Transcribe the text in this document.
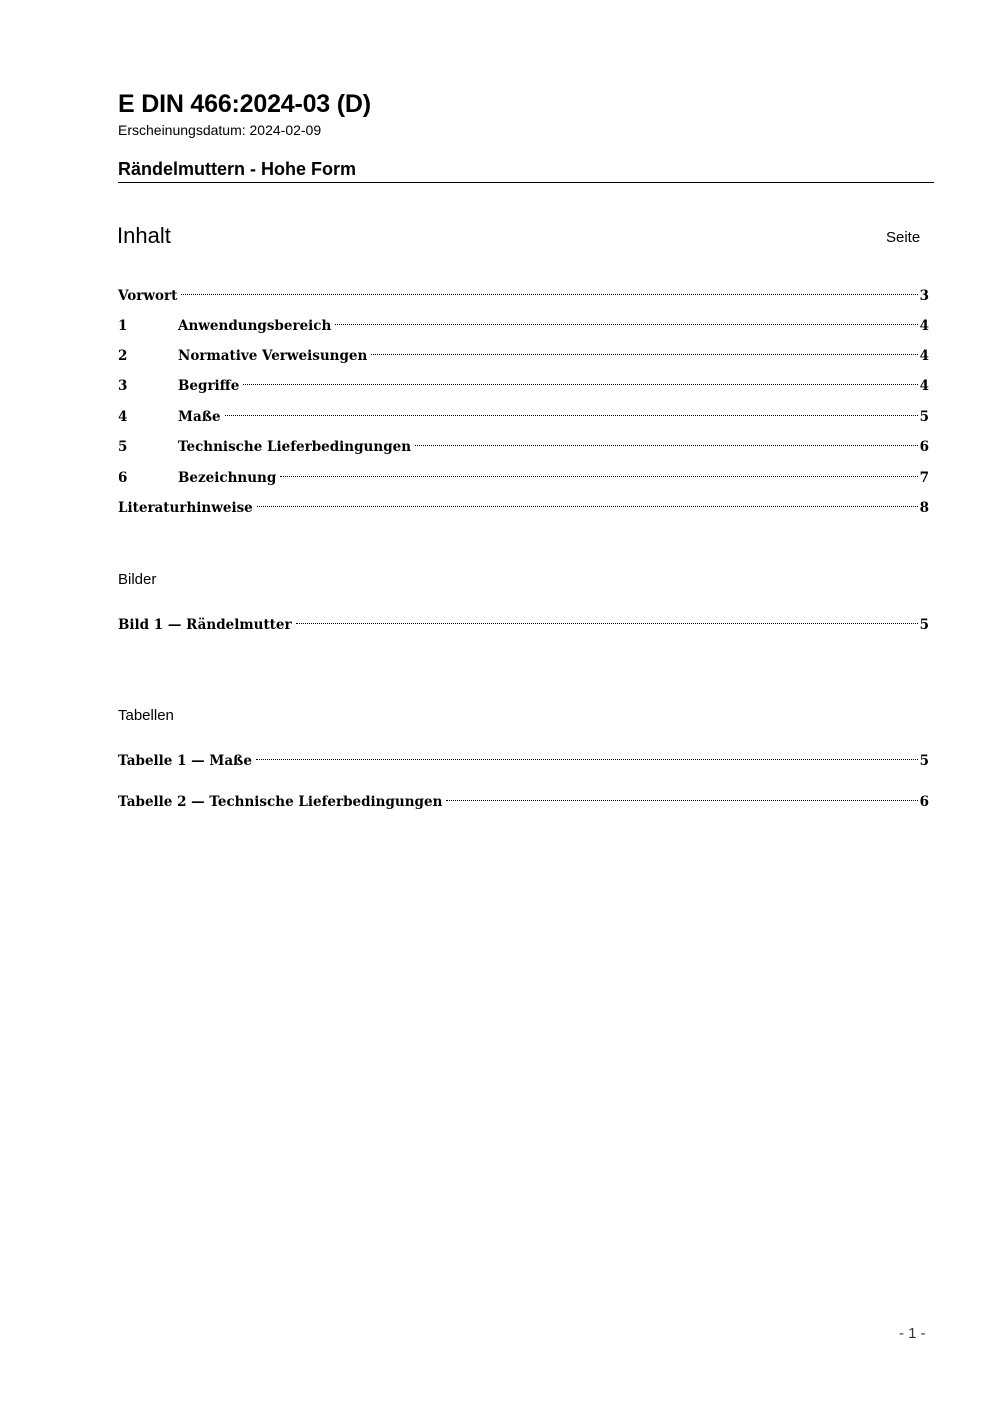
E DIN 466:2024-03 (D)
Erscheinungsdatum: 2024-02-09
Rändelmuttern - Hohe Form
Inhalt	Seite
Vorwort	3
1	Anwendungsbereich	4
2	Normative Verweisungen	4
3	Begriffe	4
4	Maße	5
5	Technische Lieferbedingungen	6
6	Bezeichnung	7
Literaturhinweise	8
Bilder
Bild 1 — Rändelmutter	5
Tabellen
Tabelle 1 — Maße	5
Tabelle 2 — Technische Lieferbedingungen	6
- 1 -
